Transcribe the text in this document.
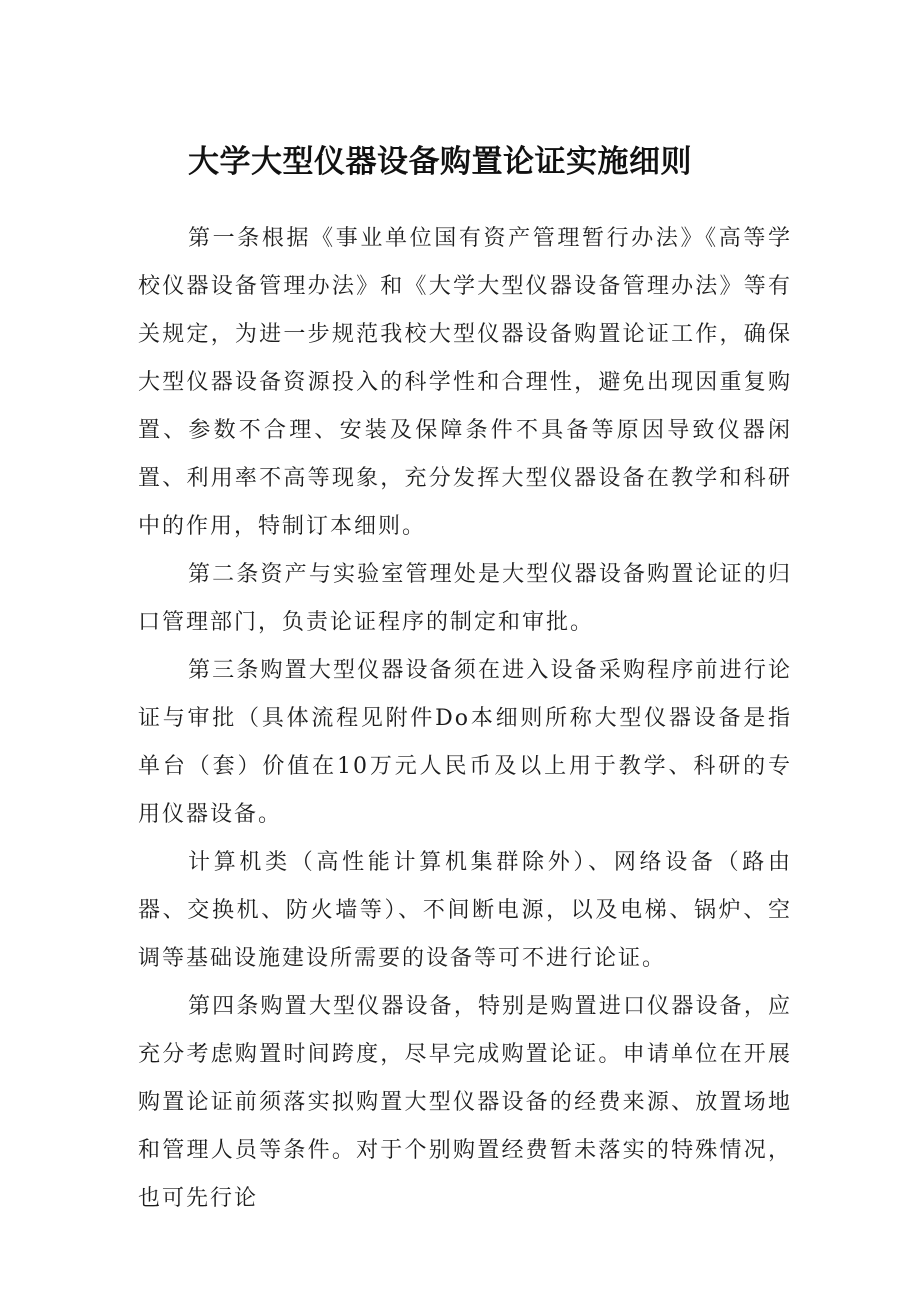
大学大型仪器设备购置论证实施细则

第一条根据《事业单位国有资产管理暂行办法》《高等学校仪器设备管理办法》和《大学大型仪器设备管理办法》等有关规定，为进一步规范我校大型仪器设备购置论证工作，确保大型仪器设备资源投入的科学性和合理性，避免出现因重复购置、参数不合理、安装及保障条件不具备等原因导致仪器闲置、利用率不高等现象，充分发挥大型仪器设备在教学和科研中的作用，特制订本细则。

第二条资产与实验室管理处是大型仪器设备购置论证的归口管理部门，负责论证程序的制定和审批。

第三条购置大型仪器设备须在进入设备采购程序前进行论证与审批（具体流程见附件Do本细则所称大型仪器设备是指单台（套）价值在10万元人民币及以上用于教学、科研的专用仪器设备。

计算机类（高性能计算机集群除外）、网络设备（路由器、交换机、防火墙等）、不间断电源，以及电梯、锅炉、空调等基础设施建设所需要的设备等可不进行论证。

第四条购置大型仪器设备，特别是购置进口仪器设备，应充分考虑购置时间跨度，尽早完成购置论证。申请单位在开展购置论证前须落实拟购置大型仪器设备的经费来源、放置场地和管理人员等条件。对于个别购置经费暂未落实的特殊情况，也可先行论
